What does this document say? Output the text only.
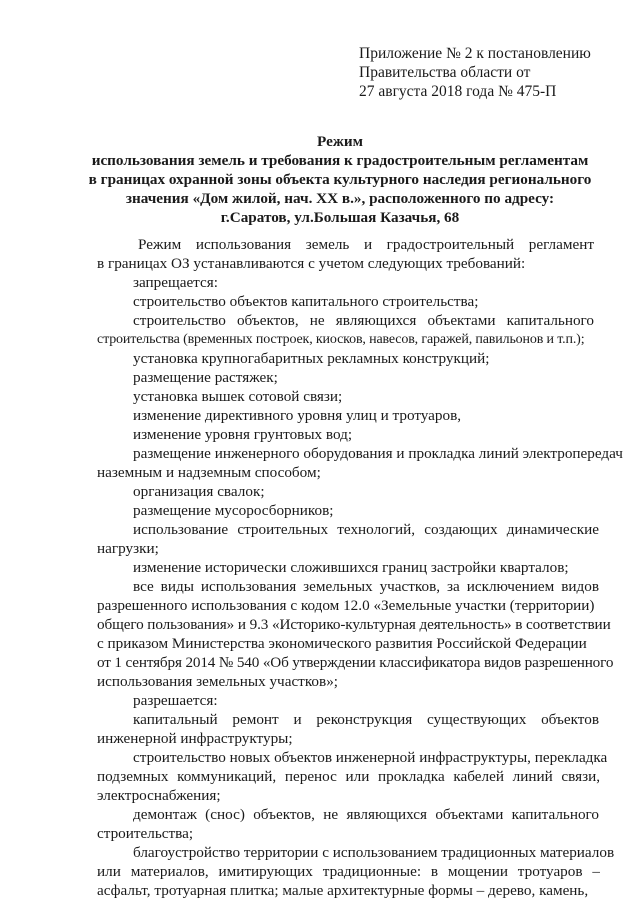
Приложение № 2 к постановлению
Правительства области от
27 августа 2018 года № 475-П
Режим
использования земель и требования к градостроительным регламентам
в границах охранной зоны объекта культурного наследия регионального
значения «Дом жилой, нач. XX в.», расположенного по адресу:
г.Саратов, ул.Большая Казачья, 68
Режим использования земель и градостроительный регламент
в границах ОЗ устанавливаются с учетом следующих требований:
запрещается:
строительство объектов капитального строительства;
строительство объектов, не являющихся объектами капитального
строительства (временных построек, киосков, навесов, гаражей, павильонов и т.п.);
установка крупногабаритных рекламных конструкций;
размещение растяжек;
установка вышек сотовой связи;
изменение директивного уровня улиц и тротуаров,
изменение уровня грунтовых вод;
размещение инженерного оборудования и прокладка линий электропередач
наземным и надземным способом;
организация свалок;
размещение мусоросборников;
использование строительных технологий, создающих динамические
нагрузки;
изменение исторически сложившихся границ застройки кварталов;
все виды использования земельных участков, за исключением видов
разрешенного использования с кодом 12.0 «Земельные участки (территории)
общего пользования» и 9.3 «Историко-культурная деятельность» в соответствии
с приказом Министерства экономического развития Российской Федерации
от 1 сентября 2014 № 540 «Об утверждении классификатора видов разрешенного
использования земельных участков»;
разрешается:
капитальный ремонт и реконструкция существующих объектов
инженерной инфраструктуры;
строительство новых объектов инженерной инфраструктуры, перекладка
подземных коммуникаций, перенос или прокладка кабелей линий связи,
электроснабжения;
демонтаж (снос) объектов, не являющихся объектами капитального
строительства;
благоустройство территории с использованием традиционных материалов
или материалов, имитирующих традиционные: в мощении тротуаров –
асфальт, тротуарная плитка; малые архитектурные формы – дерево, камень,
